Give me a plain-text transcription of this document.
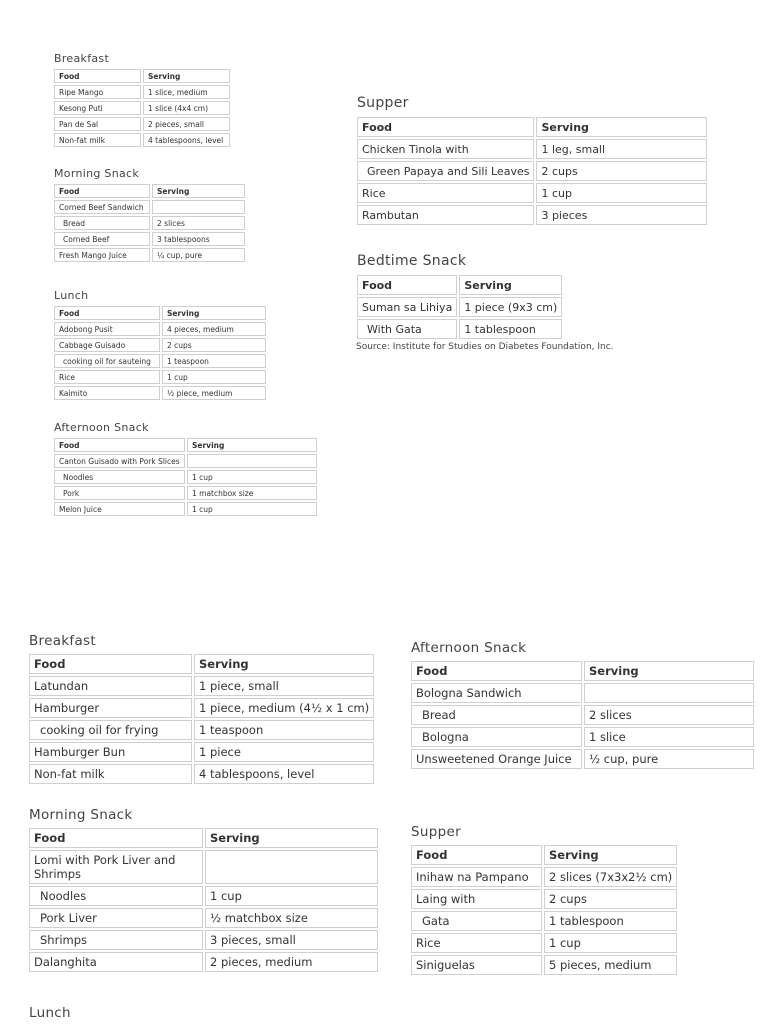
Breakfast
Food	Serving
Ripe Mango	1 slice, medium
Kesong Puti	1 slice (4x4 cm)
Pan de Sal	2 pieces, small
Non-fat milk	4 tablespoons, level
Morning Snack
Food	Serving
Corned Beef Sandwich	
Bread	2 slices
Corned Beef	3 tablespoons
Fresh Mango Juice	¼ cup, pure
Lunch
Food	Serving
Adobong Pusit	4 pieces, medium
Cabbage Guisado	2 cups
cooking oil for sauteing	1 teaspoon
Rice	1 cup
Kaimito	½ piece, medium
Afternoon Snack
Food	Serving
Canton Guisado with Pork Slices	
Noodles	1 cup
Pork	1 matchbox size
Melon Juice	1 cup
Supper
Food	Serving
Chicken Tinola with	1 leg, small
Green Papaya and Sili Leaves	2 cups
Rice	1 cup
Rambutan	3 pieces
Bedtime Snack
Food	Serving
Suman sa Lihiya	1 piece (9x3 cm)
With Gata	1 tablespoon
Source: Institute for Studies on Diabetes Foundation, Inc.
Breakfast
Food	Serving
Latundan	1 piece, small
Hamburger	1 piece, medium (4½ x 1 cm)
cooking oil for frying	1 teaspoon
Hamburger Bun	1 piece
Non-fat milk	4 tablespoons, level
Morning Snack
Food	Serving
Lomi with Pork Liver and Shrimps	
Noodles	1 cup
Pork Liver	½ matchbox size
Shrimps	3 pieces, small
Dalanghita	2 pieces, medium
Lunch
Afternoon Snack
Food	Serving
Bologna Sandwich	
Bread	2 slices
Bologna	1 slice
Unsweetened Orange Juice	½ cup, pure
Supper
Food	Serving
Inihaw na Pampano	2 slices (7x3x2½ cm)
Laing with	2 cups
Gata	1 tablespoon
Rice	1 cup
Siniguelas	5 pieces, medium
